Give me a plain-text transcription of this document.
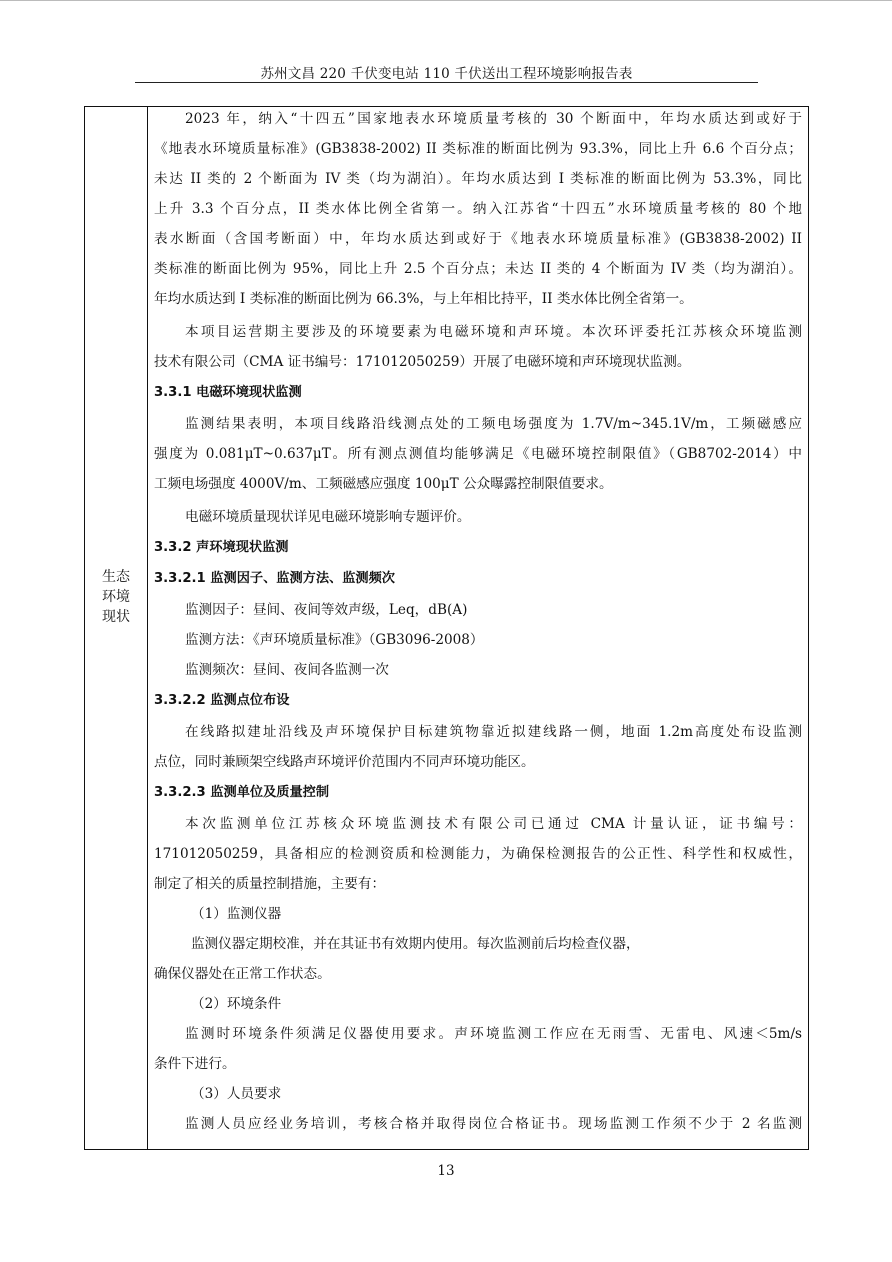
苏州文昌 220 千伏变电站 110 千伏送出工程环境影响报告表
生态
环境
现状
2023 年，纳入“十四五”国家地表水环境质量考核的 30 个断面中，年均水质达到或好于
《地表水环境质量标准》(GB3838-2002) II 类标准的断面比例为 93.3%，同比上升 6.6 个百分点；
未达 II 类的 2 个断面为 IV 类（均为湖泊）。年均水质达到 I 类标准的断面比例为 53.3%，同比
上升 3.3 个百分点，II 类水体比例全省第一。纳入江苏省“十四五”水环境质量考核的 80 个地
表水断面（含国考断面）中，年均水质达到或好于《地表水环境质量标准》(GB3838-2002) II
类标准的断面比例为 95%，同比上升 2.5 个百分点；未达 II 类的 4 个断面为 IV 类（均为湖泊）。
年均水质达到 I 类标准的断面比例为 66.3%，与上年相比持平，II 类水体比例全省第一。
本项目运营期主要涉及的环境要素为电磁环境和声环境。本次环评委托江苏核众环境监测
技术有限公司（CMA 证书编号：171012050259）开展了电磁环境和声环境现状监测。
3.3.1 电磁环境现状监测
监测结果表明，本项目线路沿线测点处的工频电场强度为 1.7V/m~345.1V/m，工频磁感应
强度为 0.081μT~0.637μT。所有测点测值均能够满足《电磁环境控制限值》（GB8702-2014）中
工频电场强度 4000V/m、工频磁感应强度 100μT 公众曝露控制限值要求。
电磁环境质量现状详见电磁环境影响专题评价。
3.3.2 声环境现状监测
3.3.2.1 监测因子、监测方法、监测频次
监测因子：昼间、夜间等效声级，Leq，dB(A)
监测方法：《声环境质量标准》（GB3096-2008）
监测频次：昼间、夜间各监测一次
3.3.2.2 监测点位布设
在线路拟建址沿线及声环境保护目标建筑物靠近拟建线路一侧，地面 1.2m高度处布设监测
点位，同时兼顾架空线路声环境评价范围内不同声环境功能区。
3.3.2.3 监测单位及质量控制
本次监测单位江苏核众环境监测技术有限公司已通过 CMA 计量认证，证书编号：
171012050259，具备相应的检测资质和检测能力，为确保检测报告的公正性、科学性和权威性，
制定了相关的质量控制措施，主要有：
（1）监测仪器
监测仪器定期校准，并在其证书有效期内使用。每次监测前后均检查仪器，
确保仪器处在正常工作状态。
（2）环境条件
监测时环境条件须满足仪器使用要求。声环境监测工作应在无雨雪、无雷电、风速＜5m/s
条件下进行。
（3）人员要求
监测人员应经业务培训，考核合格并取得岗位合格证书。现场监测工作须不少于 2 名监测
13
